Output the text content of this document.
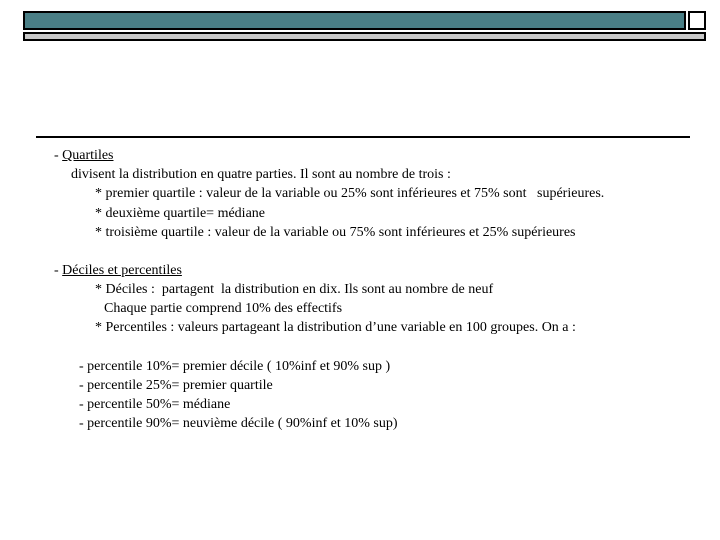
- Quartiles
divisent la distribution en quatre parties. Il sont au nombre de trois :
* premier quartile : valeur de la variable ou 25% sont inférieures et 75% sont   supérieures.
* deuxième quartile= médiane
* troisième quartile : valeur de la variable ou 75% sont inférieures et 25% supérieures
- Déciles et percentiles
* Déciles :  partagent  la distribution en dix. Ils sont au nombre de neuf
Chaque partie comprend 10% des effectifs
* Percentiles : valeurs partageant la distribution d’une variable en 100 groupes. On a :
- percentile 10%= premier décile ( 10%inf et 90% sup )
- percentile 25%= premier quartile
- percentile 50%= médiane
- percentile 90%= neuvième décile ( 90%inf et 10% sup)
